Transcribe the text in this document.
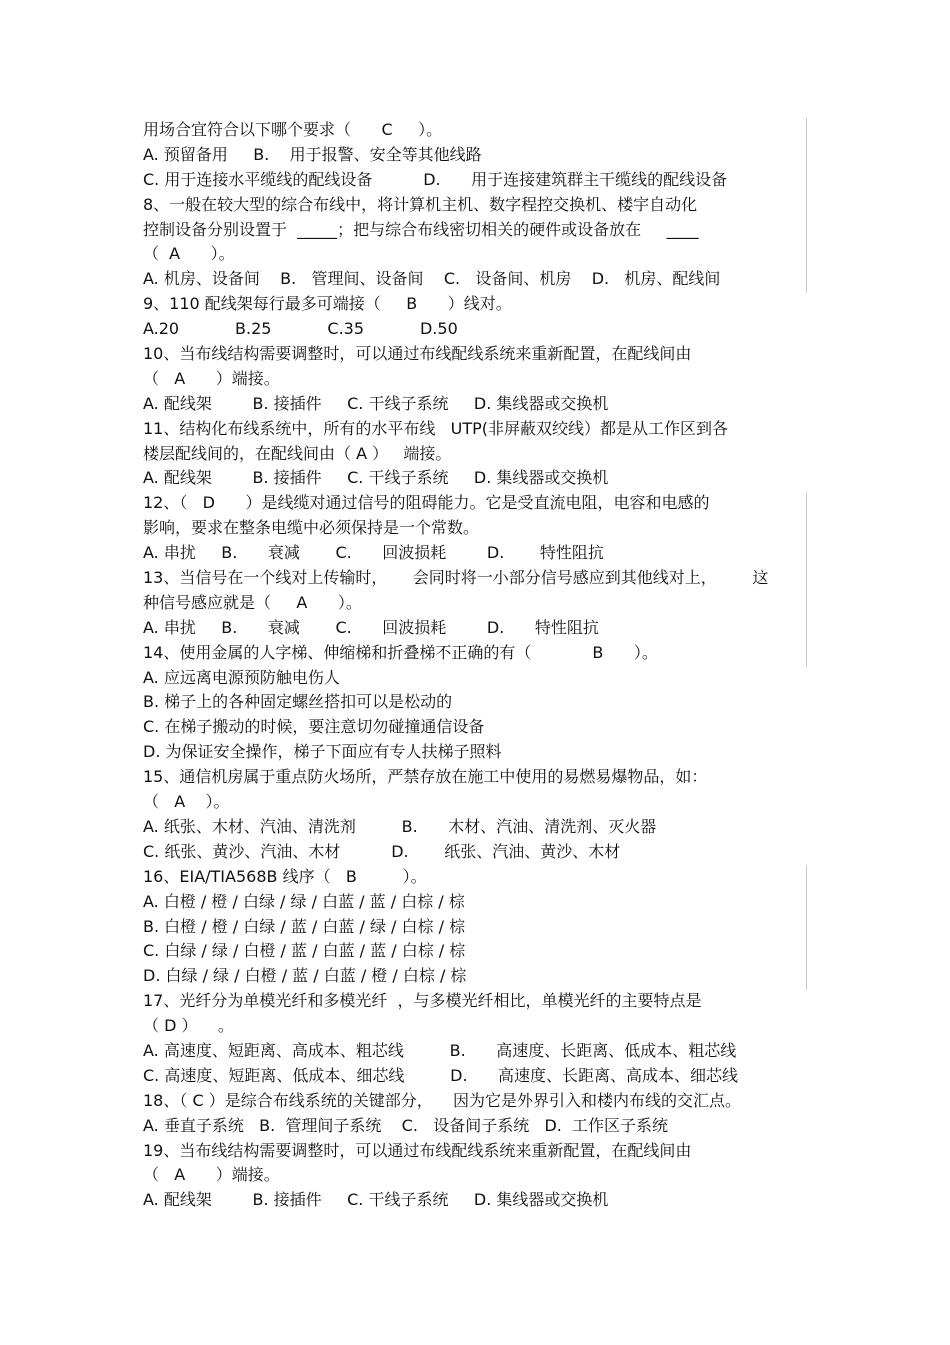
用场合宜符合以下哪个要求（      C     ）。
A. 预留备用     B.    用于报警、安全等其他线路
C. 用于连接水平缆线的配线设备          D.      用于连接建筑群主干缆线的配线设备
8、一般在较大型的综合布线中，将计算机主机、数字程控交换机、楼宇自动化
控制设备分别设置于  _____；把与综合布线密切相关的硬件或设备放在     ____
（  A      ）。
A. 机房、设备间    B.   管理间、设备间    C.   设备间、机房    D.   机房、配线间
9、110 配线架每行最多可端接（     B      ）线对。
A.20           B.25           C.35           D.50
10、当布线结构需要调整时，可以通过布线配线系统来重新配置，在配线间由
（   A      ）端接。
A. 配线架        B. 接插件     C. 干线子系统     D. 集线器或交换机
11、结构化布线系统中，所有的水平布线   UTP(非屏蔽双绞线）都是从工作区到各
楼层配线间的，在配线间由（ A ）   端接。
A. 配线架        B. 接插件     C. 干线子系统     D. 集线器或交换机
12、（   D      ）是线缆对通过信号的阻碍能力。它是受直流电阻，电容和电感的
影响，要求在整条电缆中必须保持是一个常数。
A. 串扰     B.      衰减       C.      回波损耗        D.       特性阻抗
13、当信号在一个线对上传输时，     会同时将一小部分信号感应到其他线对上，       这
种信号感应就是（     A      ）。
A. 串扰     B.      衰减       C.      回波损耗        D.      特性阻抗
14、使用金属的人字梯、伸缩梯和折叠梯不正确的有（            B      ）。
A. 应远离电源预防触电伤人
B. 梯子上的各种固定螺丝搭扣可以是松动的
C. 在梯子搬动的时候，要注意切勿碰撞通信设备
D. 为保证安全操作，梯子下面应有专人扶梯子照料
15、通信机房属于重点防火场所，严禁存放在施工中使用的易燃易爆物品，如：
（   A    ）。
A. 纸张、木材、汽油、清洗剂         B.      木材、汽油、清洗剂、灭火器
C. 纸张、黄沙、汽油、木材          D.       纸张、汽油、黄沙、木材
16、EIA/TIA568B 线序（   B         ）。
A. 白橙 / 橙 / 白绿 / 绿 / 白蓝 / 蓝 / 白棕 / 棕
B. 白橙 / 橙 / 白绿 / 蓝 / 白蓝 / 绿 / 白棕 / 棕
C. 白绿 / 绿 / 白橙 / 蓝 / 白蓝 / 蓝 / 白棕 / 棕
D. 白绿 / 绿 / 白橙 / 蓝 / 白蓝 / 橙 / 白棕 / 棕
17、光纤分为单模光纤和多模光纤  ，与多模光纤相比，单模光纤的主要特点是
（ D ）    。
A. 高速度、短距离、高成本、粗芯线         B.      高速度、长距离、低成本、粗芯线
C. 高速度、短距离、低成本、细芯线         D.      高速度、长距离、高成本、细芯线
18、（ C ）是综合布线系统的关键部分，    因为它是外界引入和楼内布线的交汇点。
A. 垂直子系统   B.  管理间子系统    C.   设备间子系统   D.  工作区子系统
19、当布线结构需要调整时，可以通过布线配线系统来重新配置，在配线间由
（   A      ）端接。
A. 配线架        B. 接插件     C. 干线子系统     D. 集线器或交换机
